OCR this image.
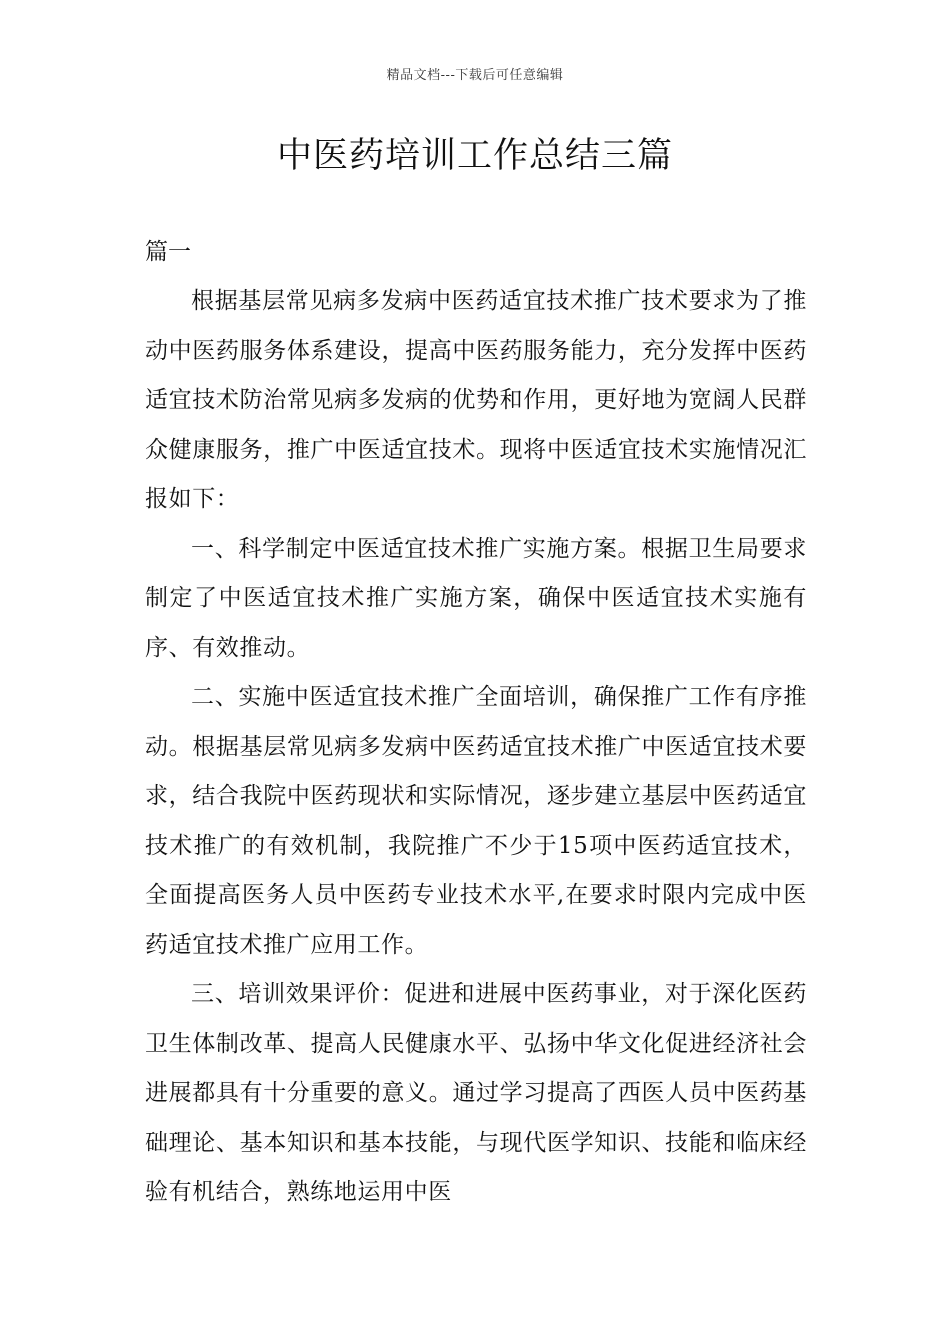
精品文档---下载后可任意编辑
中医药培训工作总结三篇
篇一

根据基层常见病多发病中医药适宜技术推广技术要求为了推动中医药服务体系建设，提高中医药服务能力，充分发挥中医药适宜技术防治常见病多发病的优势和作用，更好地为宽阔人民群众健康服务，推广中医适宜技术。现将中医适宜技术实施情况汇报如下：

一、科学制定中医适宜技术推广实施方案。根据卫生局要求制定了中医适宜技术推广实施方案，确保中医适宜技术实施有序、有效推动。

二、实施中医适宜技术推广全面培训，确保推广工作有序推动。根据基层常见病多发病中医药适宜技术推广中医适宜技术要求，结合我院中医药现状和实际情况，逐步建立基层中医药适宜技术推广的有效机制，我院推广不少于15项中医药适宜技术，全面提高医务人员中医药专业技术水平,在要求时限内完成中医药适宜技术推广应用工作。

三、培训效果评价：促进和进展中医药事业，对于深化医药卫生体制改革、提高人民健康水平、弘扬中华文化促进经济社会进展都具有十分重要的意义。通过学习提高了西医人员中医药基础理论、基本知识和基本技能，与现代医学知识、技能和临床经验有机结合，熟练地运用中医
